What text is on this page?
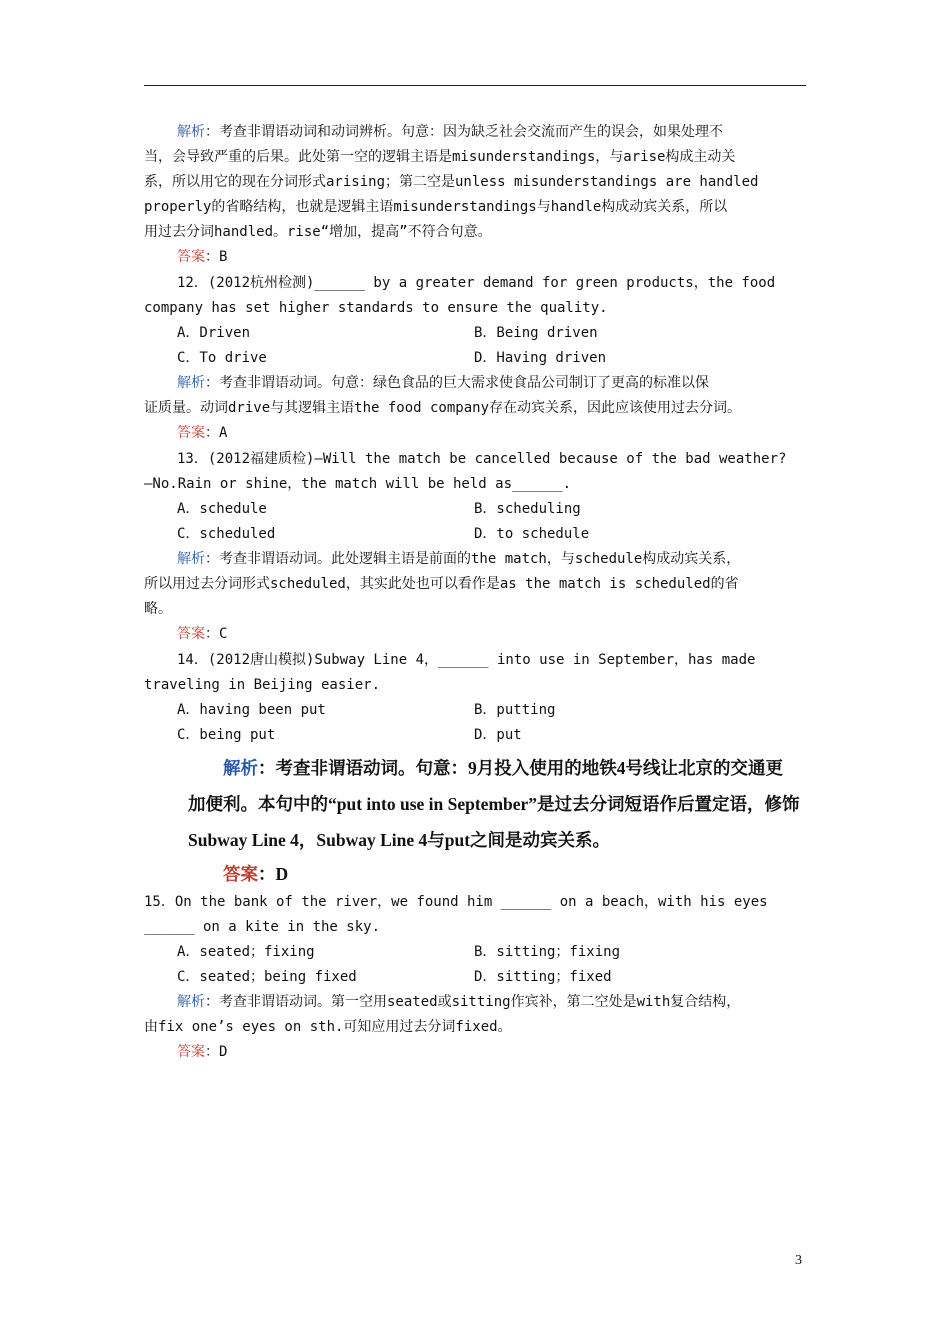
解析：考查非谓语动词和动词辨析。句意：因为缺乏社会交流而产生的误会，如果处理不
当，会导致严重的后果。此处第一空的逻辑主语是misunderstandings，与arise构成主动关
系，所以用它的现在分词形式arising；第二空是unless misunderstandings are handled
properly的省略结构，也就是逻辑主语misunderstandings与handle构成动宾关系，所以
用过去分词handled。rise“增加，提高”不符合句意。
答案：B
12．(2012杭州检测)______ by a greater demand for green products，the food
company has set higher standards to ensure the quality.
A．Driven	B．Being driven
C．To drive	D．Having driven
解析：考查非谓语动词。句意：绿色食品的巨大需求使食品公司制订了更高的标准以保
证质量。动词drive与其逻辑主语the food company存在动宾关系，因此应该使用过去分词。
答案：A
13．(2012福建质检)—Will the match be cancelled because of the bad weather?
—No.Rain or shine，the match will be held as______.
A．schedule	B．scheduling
C．scheduled	D．to schedule
解析：考查非谓语动词。此处逻辑主语是前面的the match，与schedule构成动宾关系，
所以用过去分词形式scheduled，其实此处也可以看作是as the match is scheduled的省
略。
答案：C
14．(2012唐山模拟)Subway Line 4，______ into use in September，has made
traveling in Beijing easier.
A．having been put	B．putting
C．being put	D．put
解析：考查非谓语动词。句意：9月投入使用的地铁4号线让北京的交通更
加便利。本句中的“put into use in September”是过去分词短语作后置定语，修饰
Subway Line 4，Subway Line 4与put之间是动宾关系。
答案：D
15．On the bank of the river，we found him ______ on a beach，with his eyes
______ on a kite in the sky.
A．seated；fixing	B．sitting；fixing
C．seated；being fixed	D．sitting；fixed
解析：考查非谓语动词。第一空用seated或sitting作宾补，第二空处是with复合结构，
由fix one’s eyes on sth.可知应用过去分词fixed。
答案：D
3
